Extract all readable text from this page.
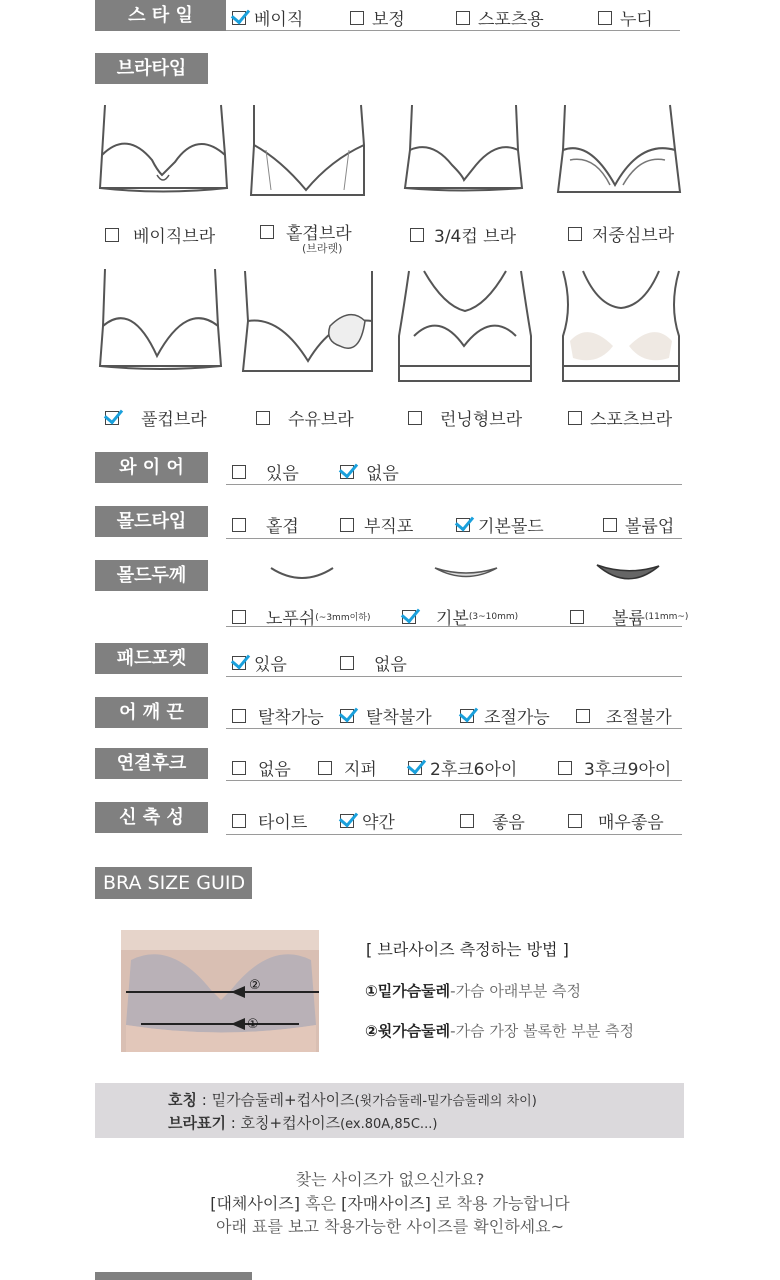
스 타 일	베이직	보정	스포츠용	누디
브라타입
베이직브라	홑겹브라
(브라렛)
3/4컵 브라	저중심브라
풀컵브라	수유브라	런닝형브라	스포츠브라
와 이 어	있음	없음
몰드타입	홑겹	부직포	기본몰드	볼륨업
몰드두께
노푸쉬 (~3mm이하)	기본 (3~10mm)	볼륨 (11mm~)
패드포켓	있음	없음
어 깨 끈	탈착가능 탈착불가	조절가능	조절불가
연결후크	없음	지퍼	2후크6아이	3후크9아이
신 축 성	타이트	약간	좋음	매우좋음
BRA SIZE GUID
②
①
[ 브라사이즈 측정하는 방법 ]
①밑가슴둘레-가슴 아래부분 측정
②윗가슴둘레-가슴 가장 볼록한 부분 측정
호칭 : 밑가슴둘레+컵사이즈(윗가슴둘레-밑가슴둘레의 차이)
브라표기 : 호칭+컵사이즈(ex.80A,85C...)
찾는 사이즈가 없으신가요?
[대체사이즈] 혹은 [자매사이즈] 로 착용 가능합니다
아래 표를 보고 착용가능한 사이즈를 확인하세요~
